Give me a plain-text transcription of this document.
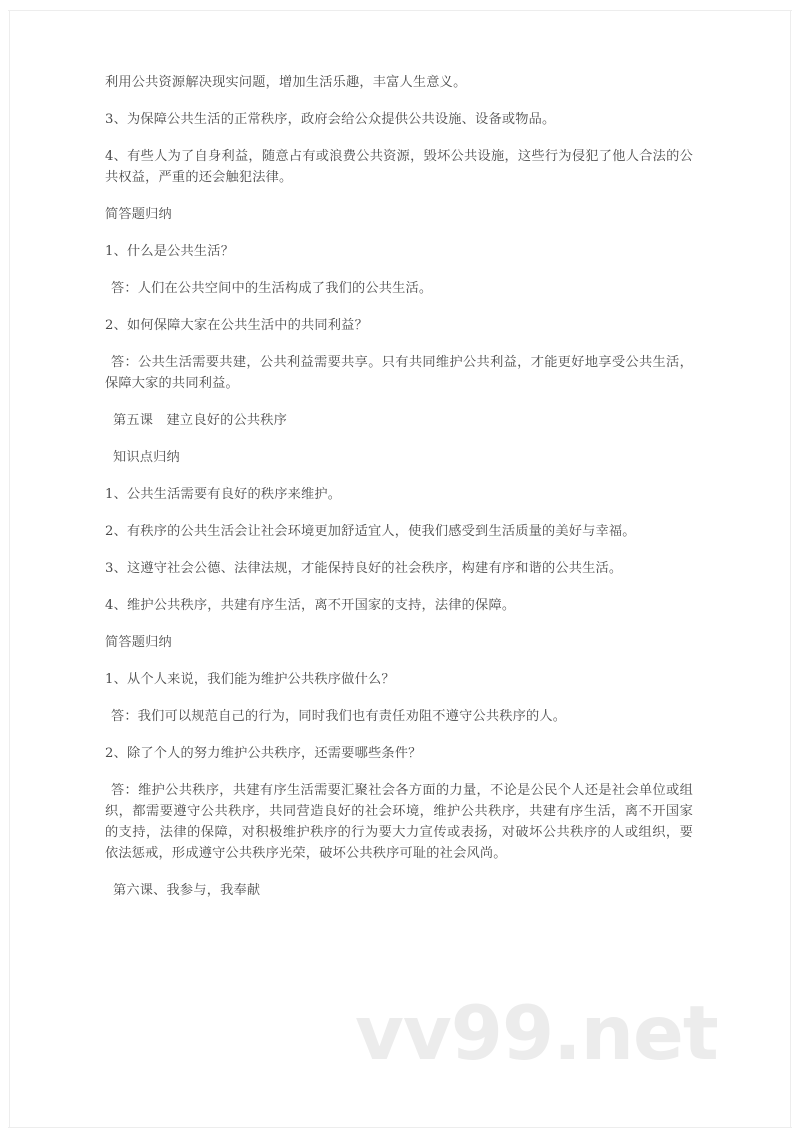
vv99.net

利用公共资源解决现实问题，增加生活乐趣，丰富人生意义。

3、为保障公共生活的正常秩序，政府会给公众提供公共设施、设备或物品。

4、有些人为了自身利益，随意占有或浪费公共资源，毁坏公共设施，这些行为侵犯了他人合法的公共权益，严重的还会触犯法律。

简答题归纳

1、什么是公共生活？

答：人们在公共空间中的生活构成了我们的公共生活。

2、如何保障大家在公共生活中的共同利益？

答：公共生活需要共建，公共利益需要共享。只有共同维护公共利益，才能更好地享受公共生活，保障大家的共同利益。

第五课　建立良好的公共秩序

知识点归纳

1、公共生活需要有良好的秩序来维护。

2、有秩序的公共生活会让社会环境更加舒适宜人，使我们感受到生活质量的美好与幸福。

3、这遵守社会公德、法律法规，才能保持良好的社会秩序，构建有序和谐的公共生活。

4、维护公共秩序，共建有序生活，离不开国家的支持，法律的保障。

简答题归纳

1、从个人来说，我们能为维护公共秩序做什么？

答：我们可以规范自己的行为，同时我们也有责任劝阻不遵守公共秩序的人。

2、除了个人的努力维护公共秩序，还需要哪些条件？

答：维护公共秩序，共建有序生活需要汇聚社会各方面的力量，不论是公民个人还是社会单位或组织，都需要遵守公共秩序，共同营造良好的社会环境，维护公共秩序，共建有序生活，离不开国家的支持，法律的保障，对积极维护秩序的行为要大力宣传或表扬，对破坏公共秩序的人或组织，要依法惩戒，形成遵守公共秩序光荣，破坏公共秩序可耻的社会风尚。

第六课、我参与，我奉献
